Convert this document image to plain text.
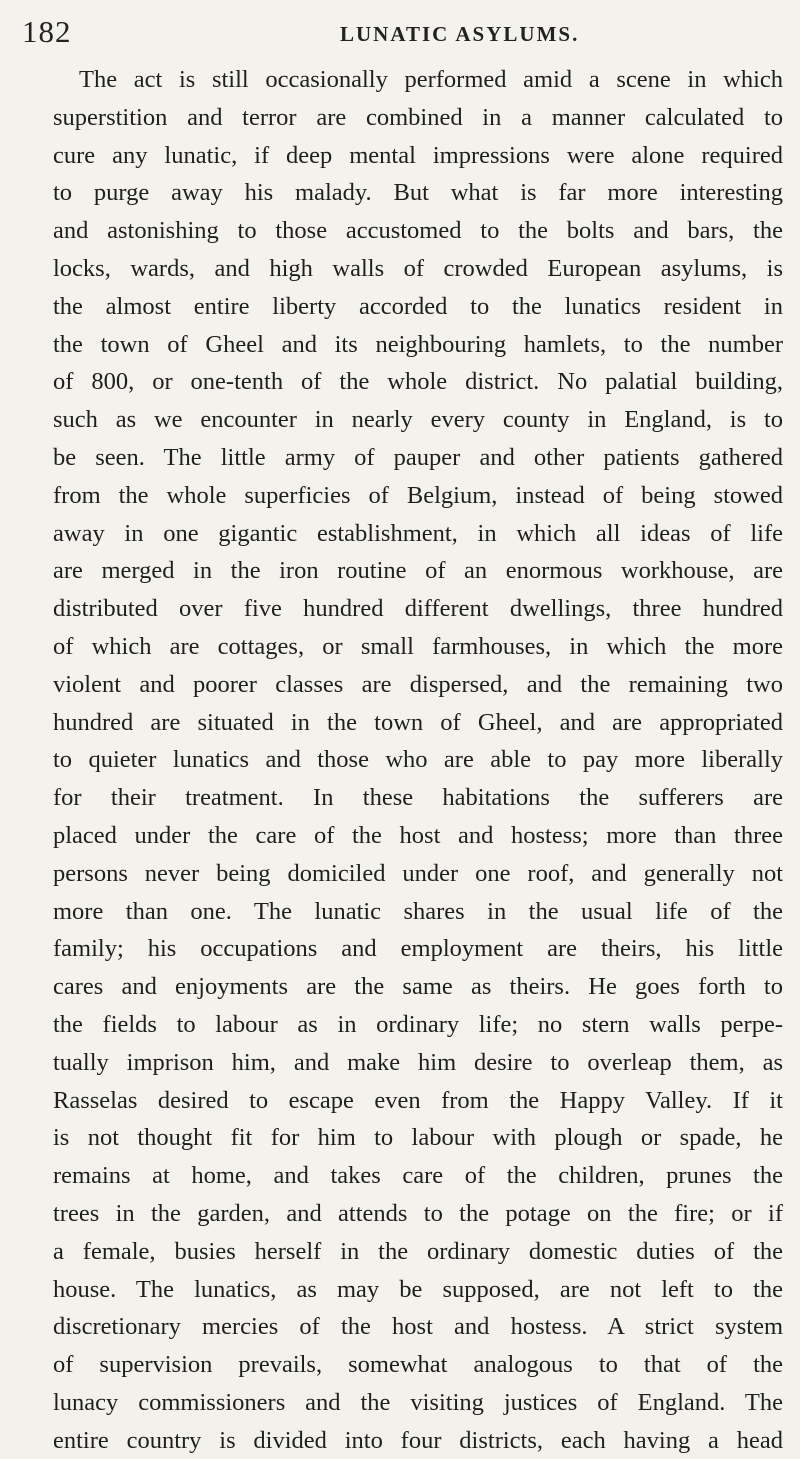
182	LUNATIC ASYLUMS.
The act is still occasionally performed amid a scene in which
superstition and terror are combined in a manner calculated to
cure any lunatic, if deep mental impressions were alone required
to purge away his malady. But what is far more interesting
and astonishing to those accustomed to the bolts and bars, the
locks, wards, and high walls of crowded European asylums, is
the almost entire liberty accorded to the lunatics resident in
the town of Gheel and its neighbouring hamlets, to the number
of 800, or one-tenth of the whole district. No palatial building,
such as we encounter in nearly every county in England, is to
be seen. The little army of pauper and other patients gathered
from the whole superficies of Belgium, instead of being stowed
away in one gigantic establishment, in which all ideas of life
are merged in the iron routine of an enormous workhouse, are
distributed over five hundred different dwellings, three hundred
of which are cottages, or small farmhouses, in which the more
violent and poorer classes are dispersed, and the remaining two
hundred are situated in the town of Gheel, and are appropriated
to quieter lunatics and those who are able to pay more liberally
for their treatment. In these habitations the sufferers are
placed under the care of the host and hostess; more than three
persons never being domiciled under one roof, and generally not
more than one. The lunatic shares in the usual life of the
family; his occupations and employment are theirs, his little
cares and enjoyments are the same as theirs. He goes forth to
the fields to labour as in ordinary life; no stern walls perpe-
tually imprison him, and make him desire to overleap them, as
Rasselas desired to escape even from the Happy Valley. If it
is not thought fit for him to labour with plough or spade, he
remains at home, and takes care of the children, prunes the
trees in the garden, and attends to the potage on the fire; or if
a female, busies herself in the ordinary domestic duties of the
house. The lunatics, as may be supposed, are not left to the
discretionary mercies of the host and hostess. A strict system
of supervision prevails, somewhat analogous to that of the
lunacy commissioners and the visiting justices of England. The
entire country is divided into four districts, each having a head
